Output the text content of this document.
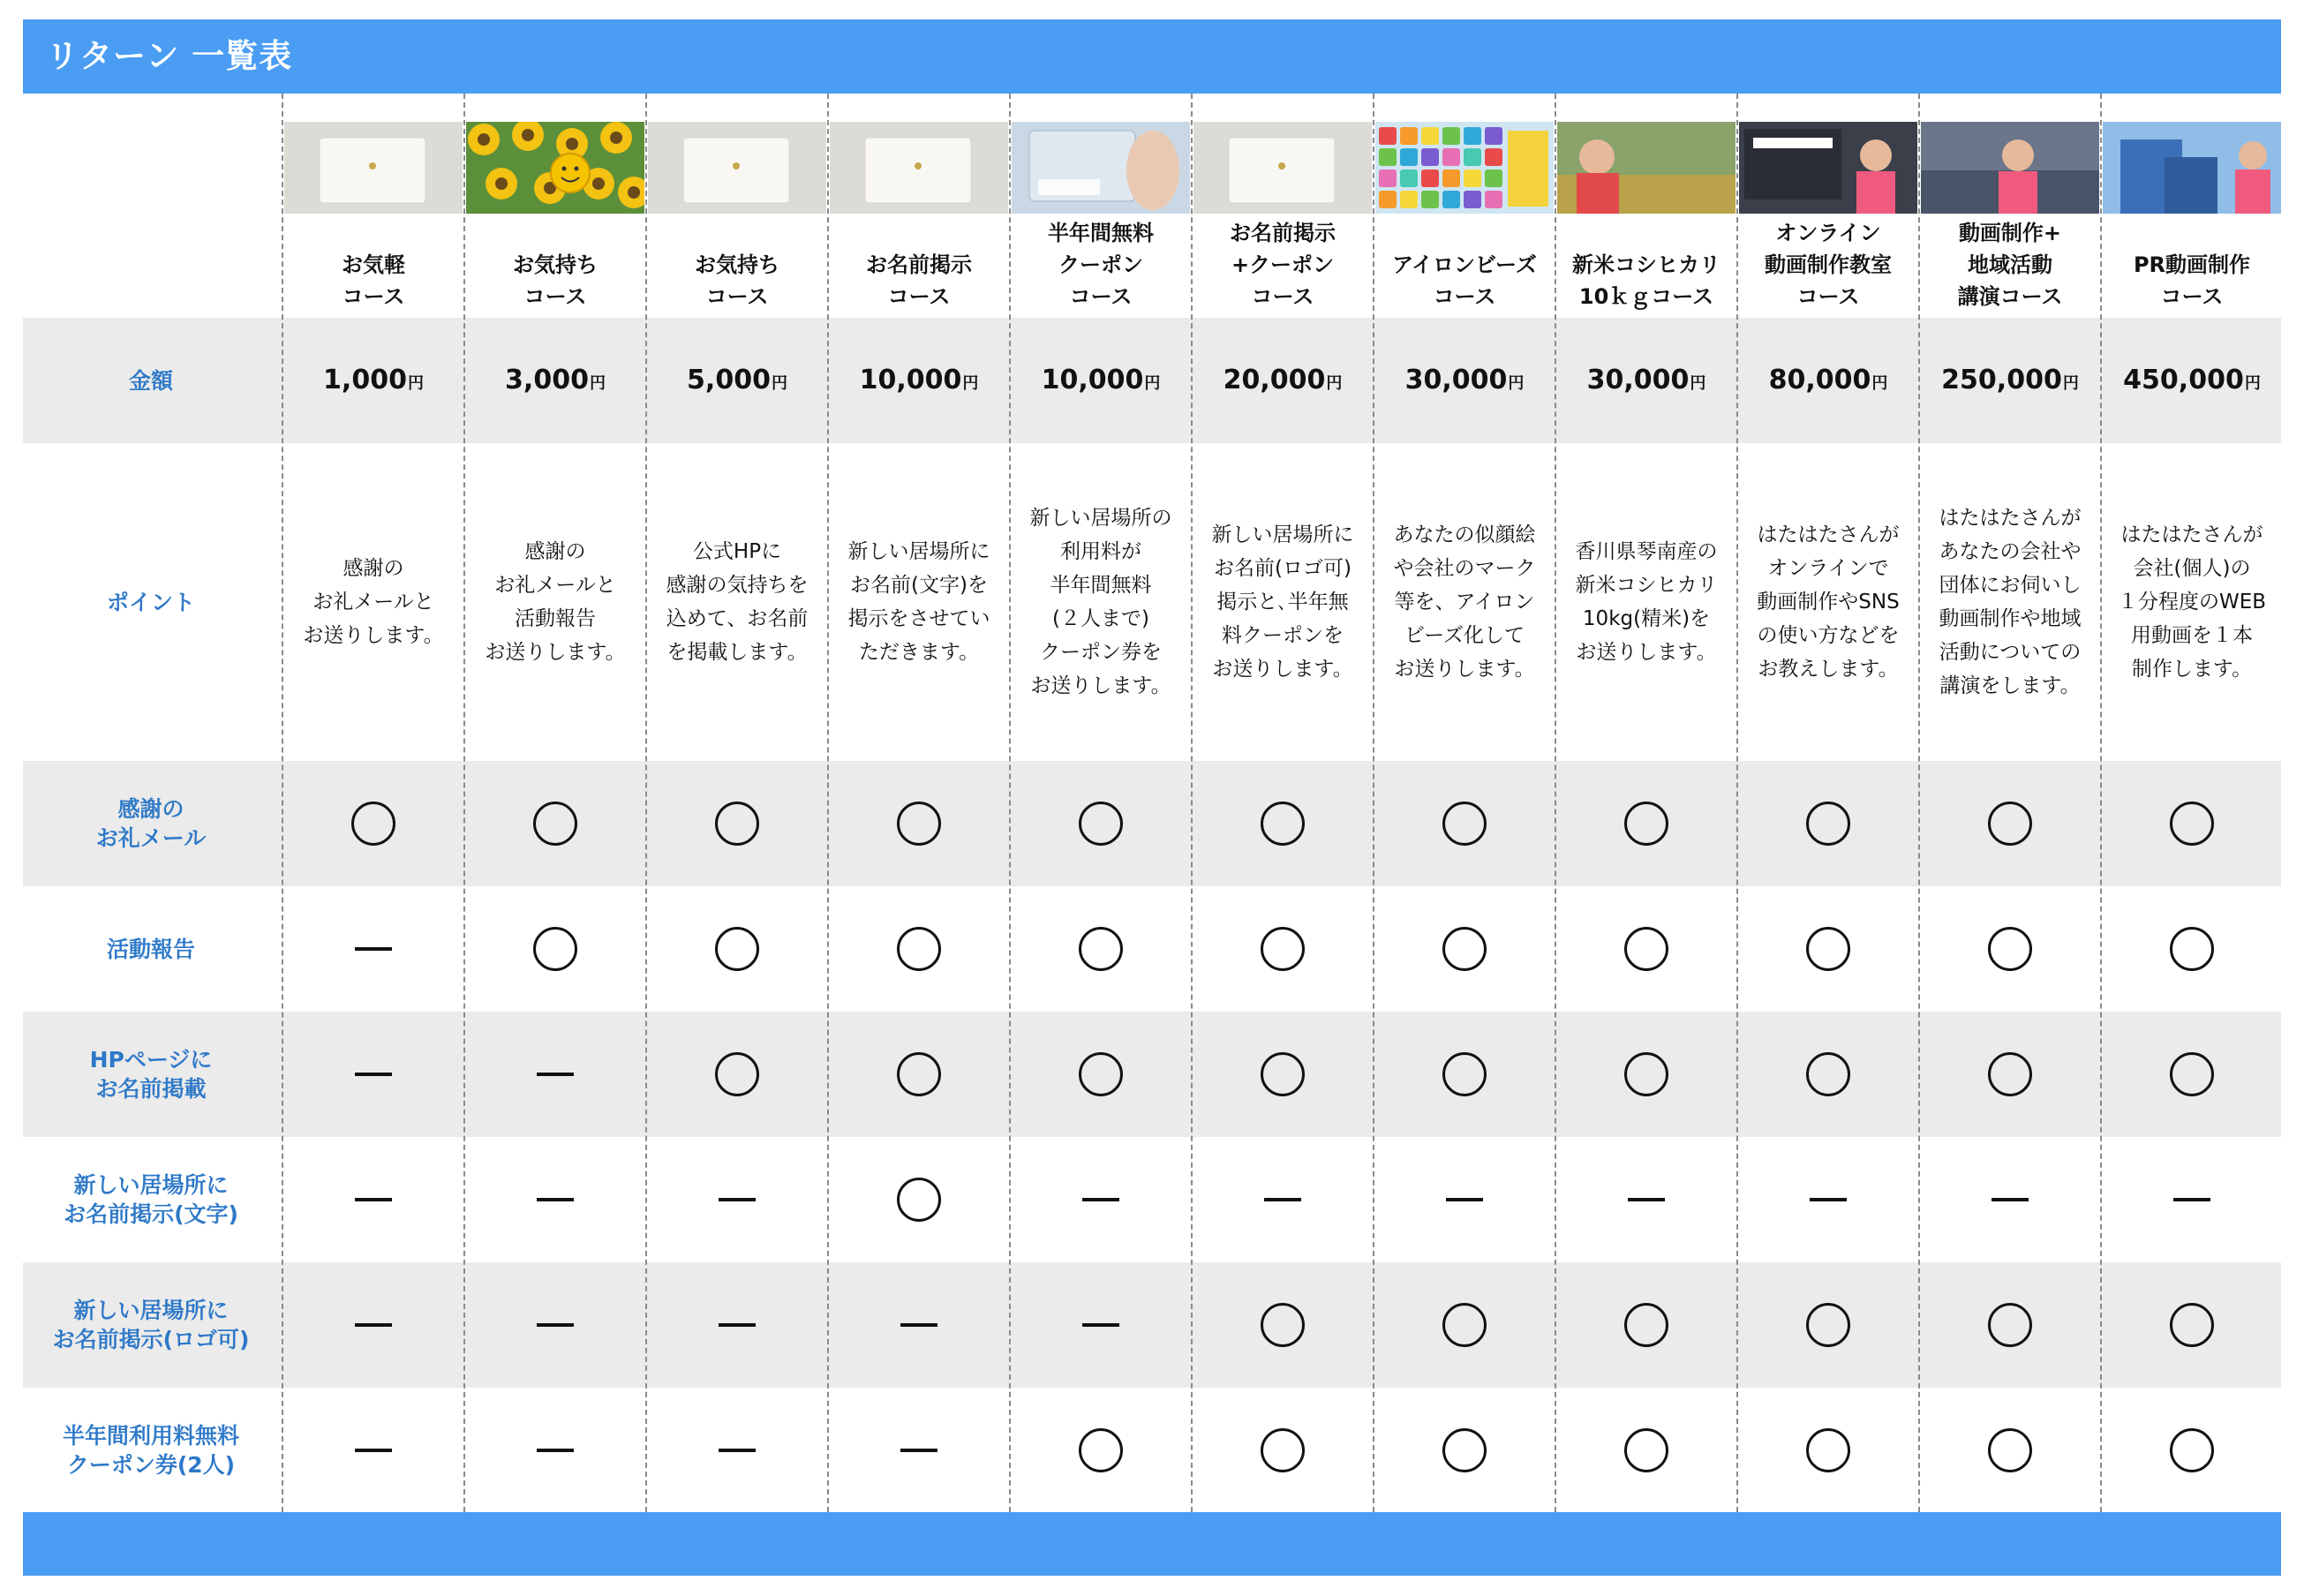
リターン 一覧表
金額
ポイント
感謝の
お礼メール
活動報告
HPページに
お名前掲載
新しい居場所に
お名前掲示(文字)
新しい居場所に
お名前掲示(ロゴ可)
半年間利用料無料
クーポン券(2人)
お気軽
コース
1,000 円
感謝の
お礼メールと
お送りします。
お気持ち
コース
3,000 円
感謝の
お礼メールと
活動報告
お送りします。
お気持ち
コース
5,000 円
公式HPに
感謝の気持ちを
込めて、お名前
を掲載します。
お名前掲示
コース
10,000 円
新しい居場所に
お名前(文字)を
掲示をさせてい
ただきます。
半年間無料
クーポン
コース
10,000 円
新しい居場所の
利用料が
半年間無料
(２人まで)
クーポン券を
お送りします。
お名前掲示
+クーポン
コース
20,000 円
新しい居場所に
お名前(ロゴ可)
掲示と､半年無
料クーポンを
お送りします。
アイロンビーズ
コース
30,000 円
あなたの似顔絵
や会社のマーク
等を、アイロン
ビーズ化して
お送りします。
新米コシヒカリ
10ｋｇコース
30,000 円
香川県琴南産の
新米コシヒカリ
10kg(精米)を
お送りします。
オンライン
動画制作教室
コース
80,000 円
はたはたさんが
オンラインで
動画制作やSNS
の使い方などを
お教えします。
動画制作+
地域活動
講演コース
250,000 円
はたはたさんが
あなたの会社や
団体にお伺いし
動画制作や地域
活動についての
講演をします。
PR動画制作
コース
450,000 円
はたはたさんが
会社(個人)の
１分程度のWEB
用動画を１本
制作します。
